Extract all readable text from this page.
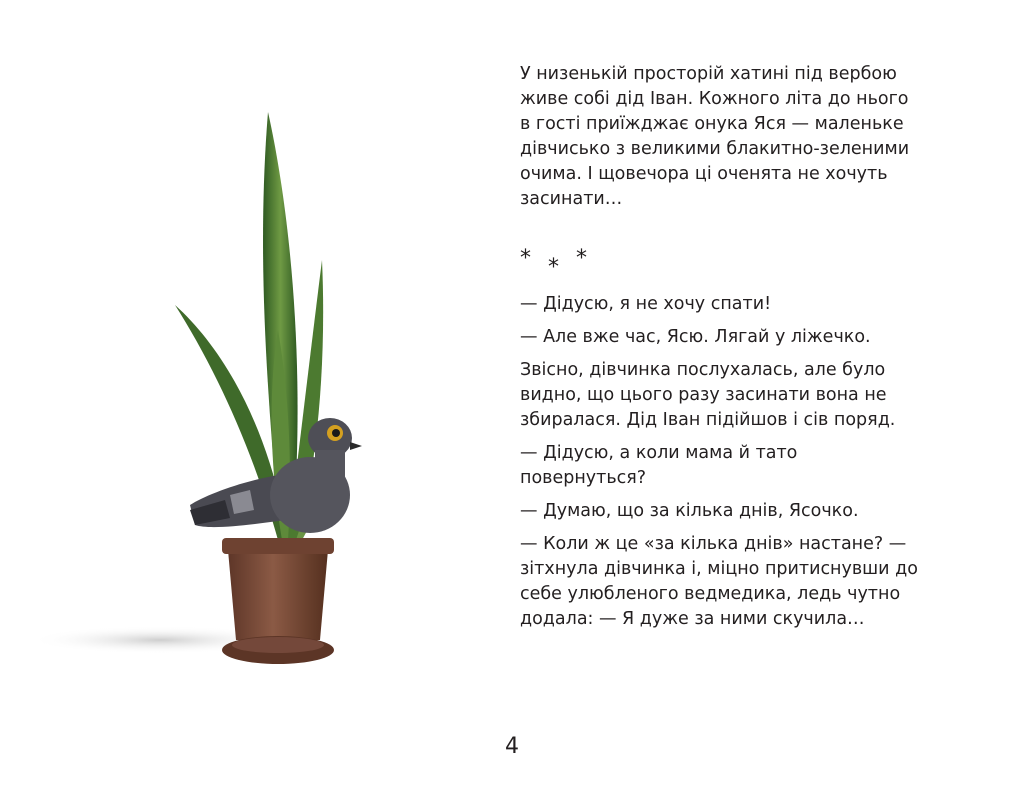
У низенькій просторій хатині під вербою живе собі дід Іван. Кожного літа до нього в гості приїжджає онука Яся — маленьке дівчисько з великими блакитно-зеленими очима. І щовечора ці оченята не хочуть засинати…

* * *

— Дідусю, я не хочу спати!

— Але вже час, Ясю. Лягай у ліжечко.

Звісно, дівчинка послухалась, але було видно, що цього разу засинати вона не збиралася. Дід Іван підійшов і сів поряд.

— Дідусю, а коли мама й тато повернуться?

— Думаю, що за кілька днів, Ясочко.

— Коли ж це «за кілька днів» настане? — зітхнула дівчинка і, міцно притиснувши до себе улюбленого ведмедика, ледь чутно додала: — Я дуже за ними скучила…

4
